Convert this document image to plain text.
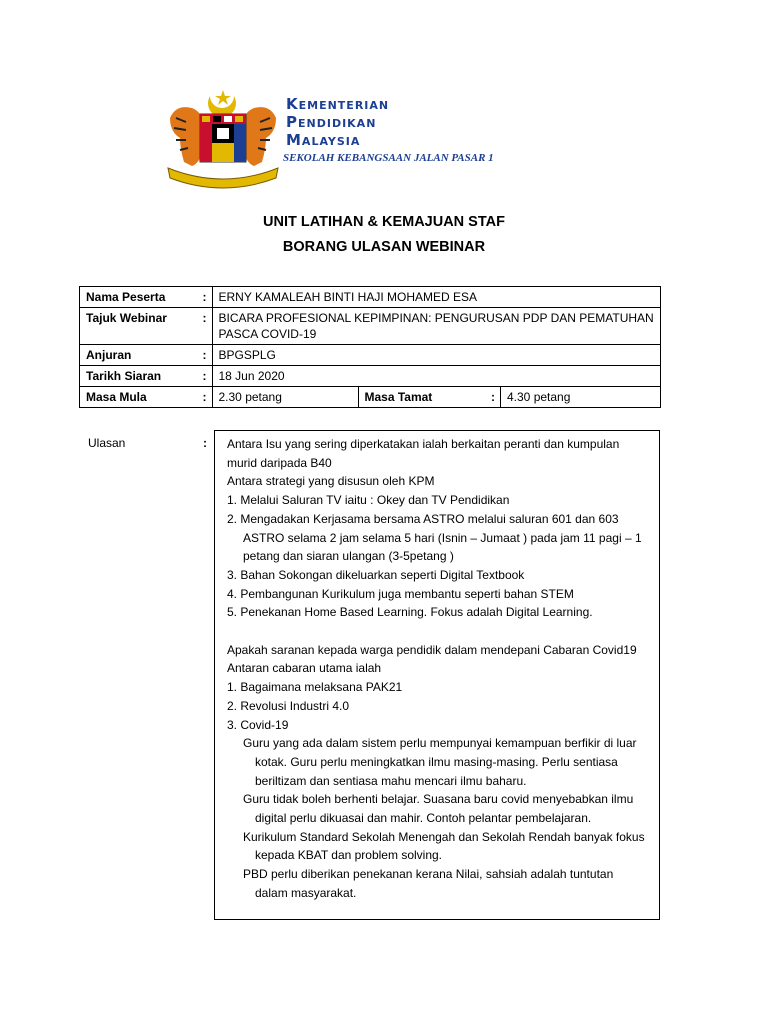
Kementerian
Pendidikan
Malaysia
SEKOLAH KEBANGSAAN JALAN PASAR 1
UNIT LATIHAN & KEMAJUAN STAF
BORANG ULASAN WEBINAR
Nama Peserta	:	ERNY KAMALEAH BINTI HAJI MOHAMED ESA			
Tajuk Webinar	:	BICARA PROFESIONAL KEPIMPINAN: PENGURUSAN PDP DAN PEMATUHAN PASCA COVID-19			
Anjuran	:	BPGSPLG			
Tarikh Siaran	:	18 Jun 2020			
Masa Mula	:	2.30 petang	Masa Tamat	:	4.30 petang
Ulasan	: Antara Isu yang sering diperkatakan ialah berkaitan peranti dan kumpulan murid daripada B40

Antara strategi yang disusun oleh KPM

1. Melalui Saluran TV iaitu : Okey dan TV Pendidikan

2. Mengadakan Kerjasama bersama ASTRO melalui saluran 601 dan 603 ASTRO selama 2 jam selama 5 hari (Isnin – Jumaat ) pada jam 11 pagi – 1 petang dan siaran ulangan (3-5petang )

3. Bahan Sokongan dikeluarkan seperti Digital Textbook

4. Pembangunan Kurikulum juga membantu seperti bahan STEM

5. Penekanan Home Based Learning. Fokus adalah Digital Learning.

Apakah saranan kepada warga pendidik dalam mendepani Cabaran Covid19

Antaran cabaran utama ialah

1. Bagaimana melaksana PAK21

2. Revolusi Industri 4.0

3. Covid-19

Guru yang ada dalam sistem perlu mempunyai kemampuan berfikir di luar kotak. Guru perlu meningkatkan ilmu masing-masing. Perlu sentiasa beriltizam dan sentiasa mahu mencari ilmu baharu.

Guru tidak boleh berhenti belajar. Suasana baru covid menyebabkan ilmu digital perlu dikuasai dan mahir. Contoh pelantar pembelajaran.

Kurikulum Standard Sekolah Menengah dan Sekolah Rendah banyak fokus kepada KBAT dan problem solving.

PBD perlu diberikan penekanan kerana Nilai, sahsiah adalah tuntutan dalam masyarakat.
